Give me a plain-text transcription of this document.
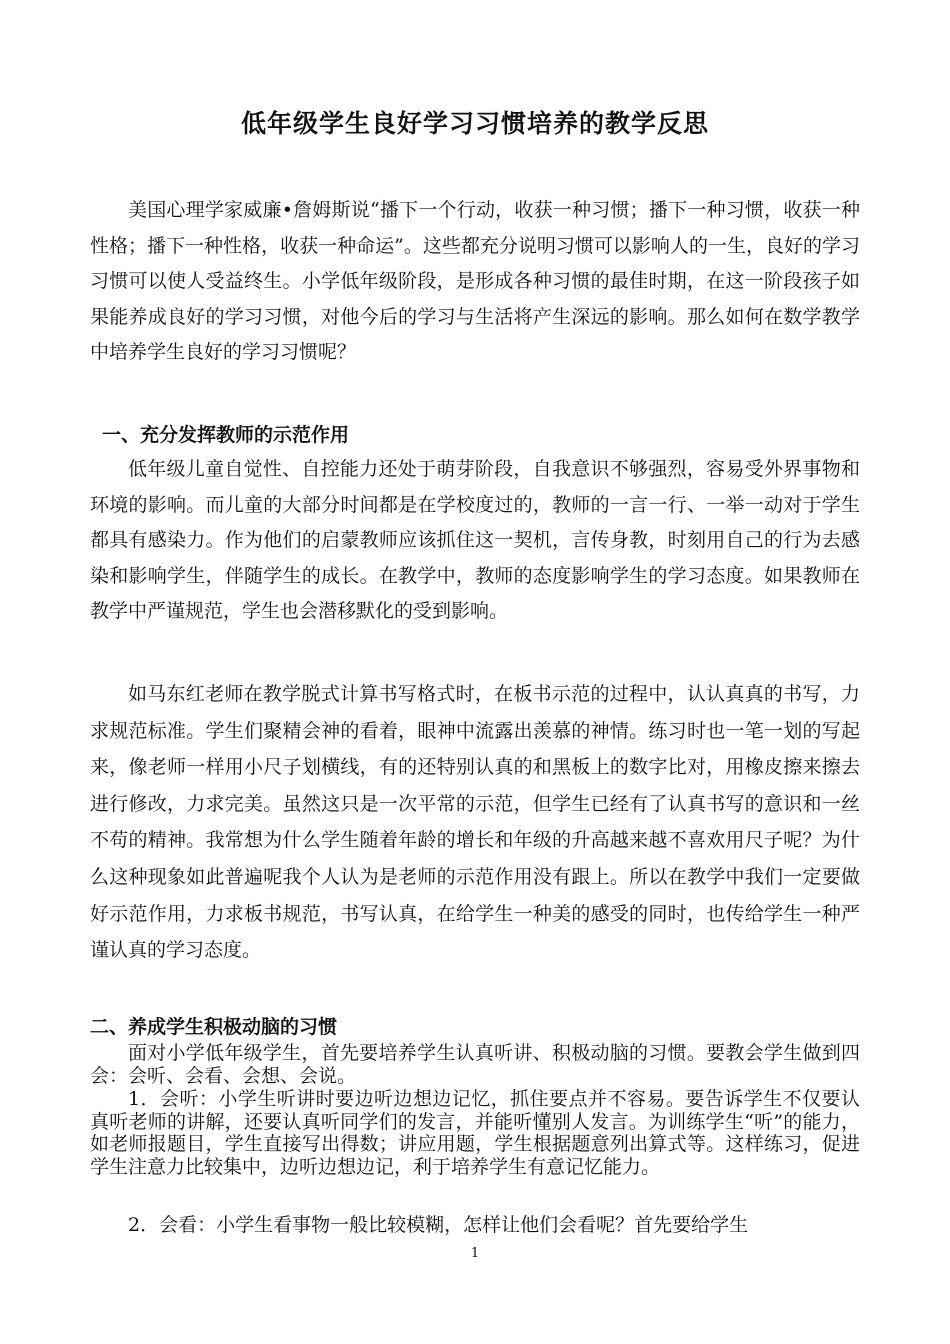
低年级学生良好学习习惯培养的教学反思

美国心理学家威廉•詹姆斯说“播下一个行动，收获一种习惯；播下一种习惯，收获一种性格；播下一种性格，收获一种命运”。这些都充分说明习惯可以影响人的一生，良好的学习习惯可以使人受益终生。小学低年级阶段，是形成各种习惯的最佳时期，在这一阶段孩子如果能养成良好的学习习惯，对他今后的学习与生活将产生深远的影响。那么如何在数学教学中培养学生良好的学习习惯呢？

一、充分发挥教师的示范作用

低年级儿童自觉性、自控能力还处于萌芽阶段，自我意识不够强烈，容易受外界事物和环境的影响。而儿童的大部分时间都是在学校度过的，教师的一言一行、一举一动对于学生都具有感染力。作为他们的启蒙教师应该抓住这一契机，言传身教，时刻用自己的行为去感染和影响学生，伴随学生的成长。在教学中，教师的态度影响学生的学习态度。如果教师在教学中严谨规范，学生也会潜移默化的受到影响。

如马东红老师在教学脱式计算书写格式时，在板书示范的过程中，认认真真的书写，力求规范标准。学生们聚精会神的看着，眼神中流露出羡慕的神情。练习时也一笔一划的写起来，像老师一样用小尺子划横线，有的还特别认真的和黑板上的数字比对，用橡皮擦来擦去进行修改，力求完美。虽然这只是一次平常的示范，但学生已经有了认真书写的意识和一丝不苟的精神。我常想为什么学生随着年龄的增长和年级的升高越来越不喜欢用尺子呢？为什么这种现象如此普遍呢我个人认为是老师的示范作用没有跟上。所以在教学中我们一定要做好示范作用，力求板书规范，书写认真，在给学生一种美的感受的同时，也传给学生一种严谨认真的学习态度。

二、养成学生积极动脑的习惯

面对小学低年级学生，首先要培养学生认真听讲、积极动脑的习惯。要教会学生做到四会：会听、会看、会想、会说。

1．会听：小学生听讲时要边听边想边记忆，抓住要点并不容易。要告诉学生不仅要认真听老师的讲解，还要认真听同学们的发言，并能听懂别人发言。为训练学生“听”的能力，如老师报题目，学生直接写出得数；讲应用题，学生根据题意列出算式等。这样练习，促进学生注意力比较集中，边听边想边记，利于培养学生有意记忆能力。

2．会看：小学生看事物一般比较模糊，怎样让他们会看呢？首先要给学生

1
